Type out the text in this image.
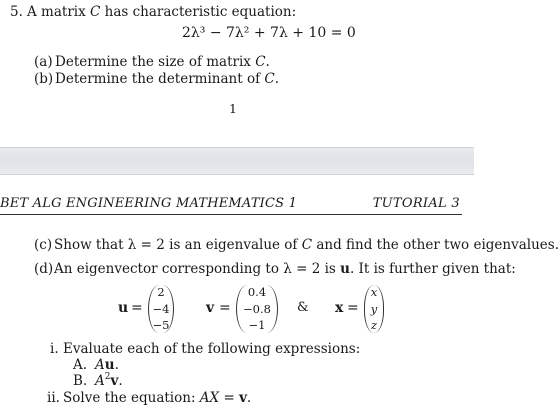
5. A matrix C has characteristic equation:
2λ³ − 7λ² + 7λ + 10 = 0
(a) Determine the size of matrix C.
(b) Determine the determinant of C.
1
BET ALG ENGINEERING MATHEMATICS 1	TUTORIAL 3
(c) Show that λ = 2 is an eigenvalue of C and find the other two eigenvalues.
(d) An eigenvector corresponding to λ = 2 is u. It is further given that:
u =
2
−4
−5
v =
0.4
−0.8
−1
& x =
x
y
z
i. Evaluate each of the following expressions:
A. Au.
B. $A^2v$.
ii. Solve the equation: AX = v.
